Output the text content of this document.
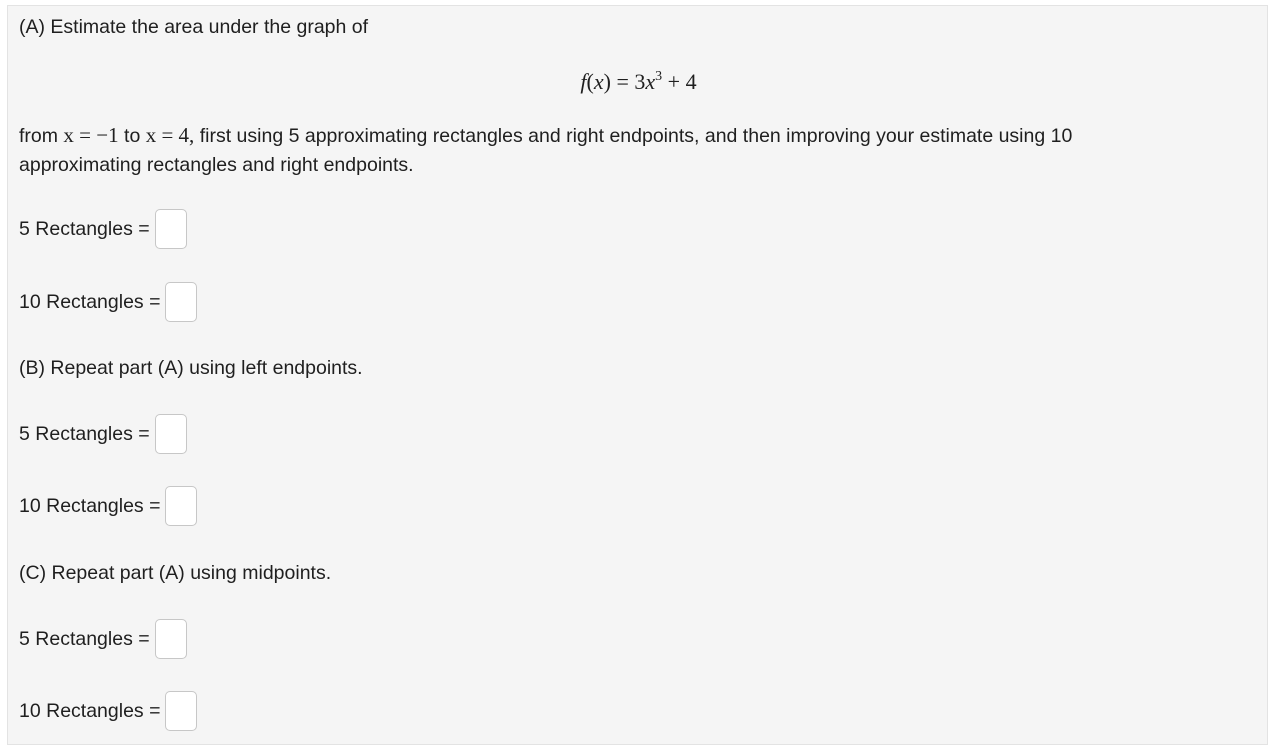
(A) Estimate the area under the graph of
$f(x) = 3x^3 + 4$
from x = −1 to x = 4, first using 5 approximating rectangles and right endpoints, and then improving your estimate using 10
approximating rectangles and right endpoints.
5 Rectangles =
10 Rectangles =
(B) Repeat part (A) using left endpoints.
5 Rectangles =
10 Rectangles =
(C) Repeat part (A) using midpoints.
5 Rectangles =
10 Rectangles =
